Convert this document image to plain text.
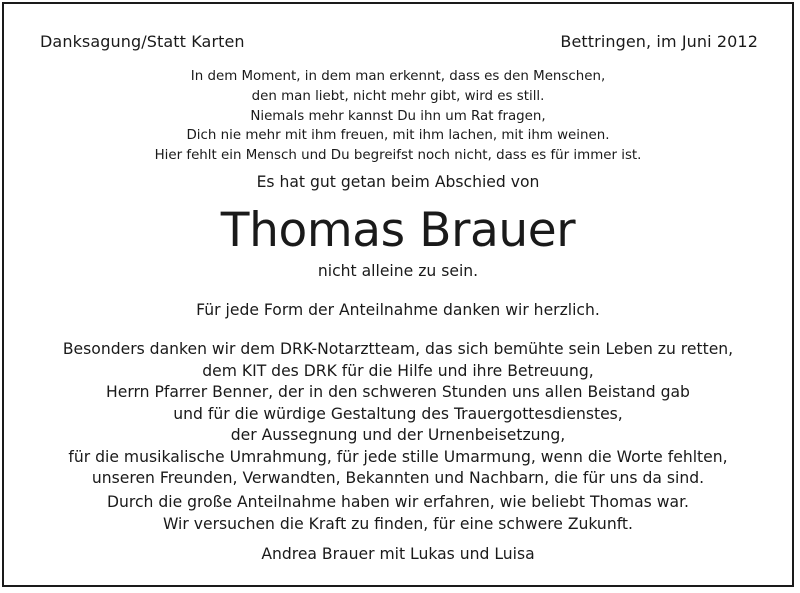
Danksagung/Statt Karten	Bettringen, im Juni 2012
In dem Moment, in dem man erkennt, dass es den Menschen,
den man liebt, nicht mehr gibt, wird es still.
Niemals mehr kannst Du ihn um Rat fragen,
Dich nie mehr mit ihm freuen, mit ihm lachen, mit ihm weinen.
Hier fehlt ein Mensch und Du begreifst noch nicht, dass es für immer ist.
Es hat gut getan beim Abschied von
Thomas Brauer
nicht alleine zu sein.
Für jede Form der Anteilnahme danken wir herzlich.
Besonders danken wir dem DRK-Notarztteam, das sich bemühte sein Leben zu retten,
dem KIT des DRK für die Hilfe und ihre Betreuung,
Herrn Pfarrer Benner, der in den schweren Stunden uns allen Beistand gab
und für die würdige Gestaltung des Trauergottesdienstes,
der Aussegnung und der Urnenbeisetzung,
für die musikalische Umrahmung, für jede stille Umarmung, wenn die Worte fehlten,
unseren Freunden, Verwandten, Bekannten und Nachbarn, die für uns da sind.
Durch die große Anteilnahme haben wir erfahren, wie beliebt Thomas war.
Wir versuchen die Kraft zu finden, für eine schwere Zukunft.
Andrea Brauer mit Lukas und Luisa
